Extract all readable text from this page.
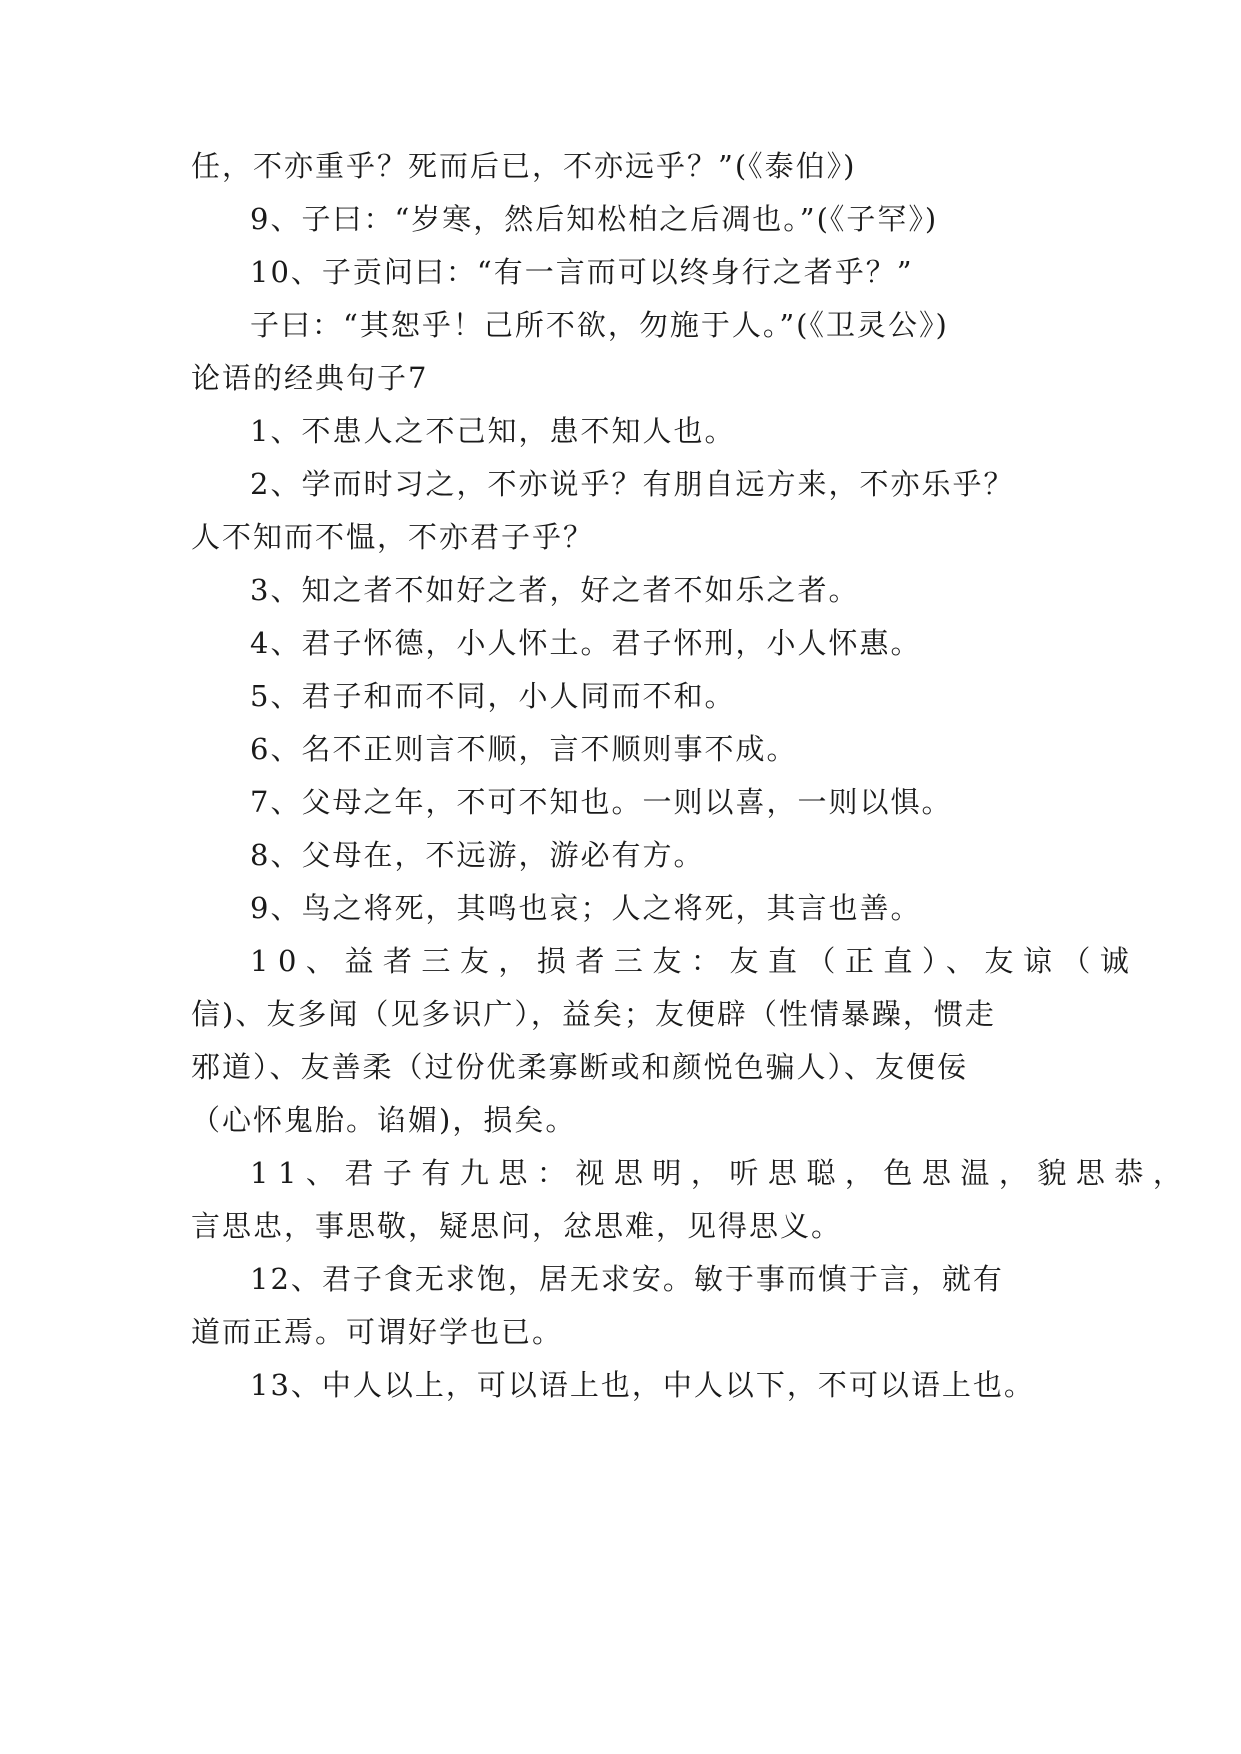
任，不亦重乎？死而后已，不亦远乎？”(《泰伯》)
9、子曰：“岁寒，然后知松柏之后凋也。”(《子罕》)
10、子贡问曰：“有一言而可以终身行之者乎？”
子曰：“其恕乎！己所不欲，勿施于人。”(《卫灵公》)
论语的经典句子7
1、不患人之不己知，患不知人也。
2、学而时习之，不亦说乎？有朋自远方来，不亦乐乎？
人不知而不愠，不亦君子乎？
3、知之者不如好之者，好之者不如乐之者。
4、君子怀德，小人怀土。君子怀刑，小人怀惠。
5、君子和而不同，小人同而不和。
6、名不正则言不顺，言不顺则事不成。
7、父母之年，不可不知也。一则以喜，一则以惧。
8、父母在，不远游，游必有方。
9、鸟之将死，其鸣也哀；人之将死，其言也善。
10、益者三友，损者三友：友直（正直）、友谅（诚
信)、友多闻（见多识广），益矣；友便辟（性情暴躁，惯走
邪道）、友善柔（过份优柔寡断或和颜悦色骗人）、友便佞
（心怀鬼胎。谄媚)，损矣。
11、君子有九思：视思明，听思聪，色思温，貌思恭，
言思忠，事思敬，疑思问，忿思难，见得思义。
12、君子食无求饱，居无求安。敏于事而慎于言，就有
道而正焉。可谓好学也已。
13、中人以上，可以语上也，中人以下，不可以语上也。
